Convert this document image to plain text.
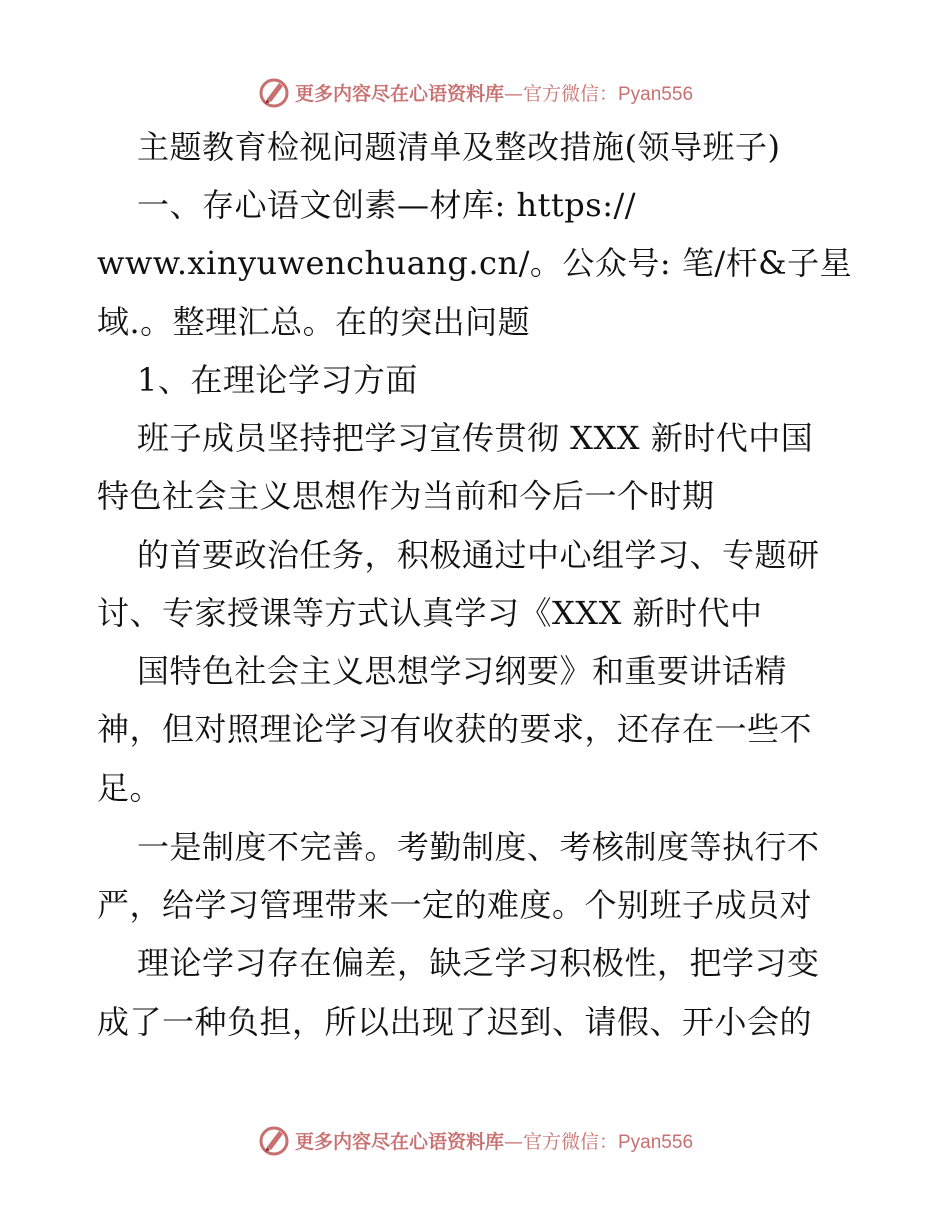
更多内容尽在心语资料库—官方微信：Pyan556
主题教育检视问题清单及整改措施(领导班子)
一、存心语文创素—材库: https://
www.xinyuwenchuang.cn/。公众号: 笔/杆&子星
域.。整理汇总。在的突出问题
1、在理论学习方面
班子成员坚持把学习宣传贯彻 XXX 新时代中国
特色社会主义思想作为当前和今后一个时期
的首要政治任务，积极通过中心组学习、专题研
讨、专家授课等方式认真学习《XXX 新时代中
国特色社会主义思想学习纲要》和重要讲话精
神，但对照理论学习有收获的要求，还存在一些不
足。
一是制度不完善。考勤制度、考核制度等执行不
严，给学习管理带来一定的难度。个别班子成员对
理论学习存在偏差，缺乏学习积极性，把学习变
成了一种负担，所以出现了迟到、请假、开小会的
更多内容尽在心语资料库—官方微信：Pyan556
